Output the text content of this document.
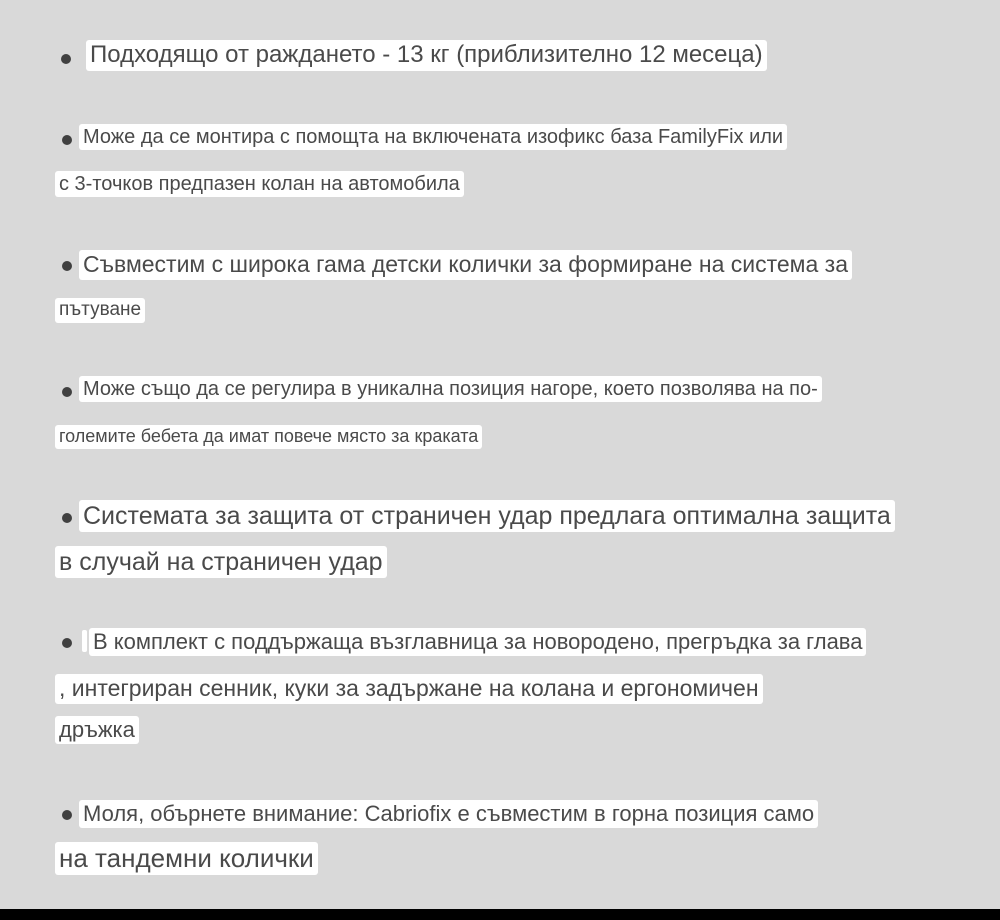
Подходящо от раждането - 13 кг (приблизително 12 месеца)
Може да се монтира с помощта на включената изофикс база FamilyFix или
с 3-точков предпазен колан на автомобила
Съвместим с широка гама детски колички за формиране на система за
пътуване
Може също да се регулира в уникална позиция нагоре, което позволява на по-
големите бебета да имат повече място за краката
Системата за защита от страничен удар предлага оптимална защита
в случай на страничен удар
В комплект с поддържаща възглавница за новородено, прегръдка за глава
, интегриран сенник, куки за задържане на колана и ергономичен
дръжка
Моля, обърнете внимание: Cabriofix е съвместим в горна позиция само
на тандемни колички
